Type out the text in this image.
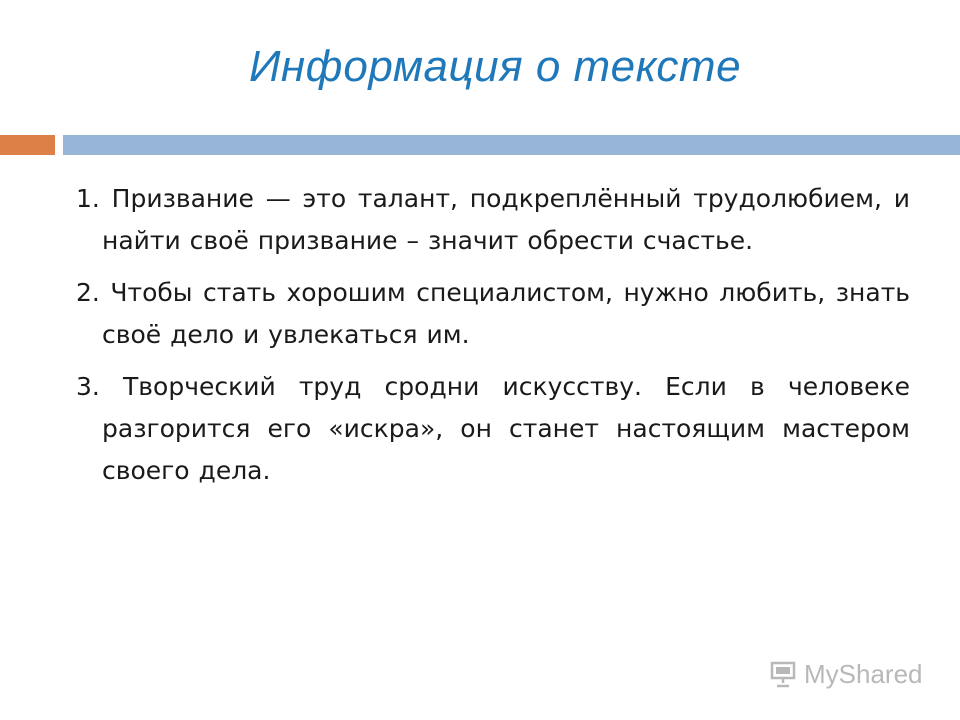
Информация о тексте
1. Призвание — это талант, подкреплённый трудолюбием, и найти своё призвание – значит обрести счастье.
2. Чтобы стать хорошим специалистом, нужно любить, знать своё дело и увлекаться им.
3. Творческий труд сродни искусству. Если в человеке разгорится его «искра», он станет настоящим мастером своего дела.
MyShared
